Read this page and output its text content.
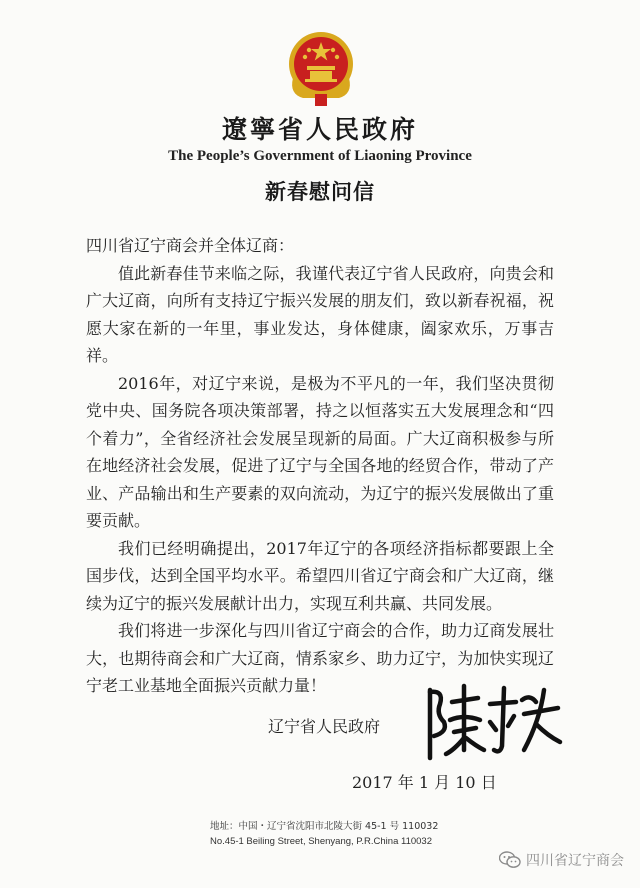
遼寧省人民政府
The People’s Government of Liaoning Province
新春慰问信

四川省辽宁商会并全体辽商：

值此新春佳节来临之际，我谨代表辽宁省人民政府，向贵会和广大辽商，向所有支持辽宁振兴发展的朋友们，致以新春祝福，祝愿大家在新的一年里，事业发达，身体健康，阖家欢乐，万事吉祥。

2016年，对辽宁来说，是极为不平凡的一年，我们坚决贯彻党中央、国务院各项决策部署，持之以恒落实五大发展理念和“四个着力”，全省经济社会发展呈现新的局面。广大辽商积极参与所在地经济社会发展，促进了辽宁与全国各地的经贸合作，带动了产业、产品输出和生产要素的双向流动，为辽宁的振兴发展做出了重要贡献。

我们已经明确提出，2017年辽宁的各项经济指标都要跟上全国步伐，达到全国平均水平。希望四川省辽宁商会和广大辽商，继续为辽宁的振兴发展献计出力，实现互利共赢、共同发展。

我们将进一步深化与四川省辽宁商会的合作，助力辽商发展壮大，也期待商会和广大辽商，情系家乡、助力辽宁，为加快实现辽宁老工业基地全面振兴贡献力量！

辽宁省人民政府
2017 年 1 月 10 日
地址：中国・辽宁省沈阳市北陵大街 45-1 号 110032
No.45-1 Beiling Street, Shenyang, P.R.China 110032
四川省辽宁商会
